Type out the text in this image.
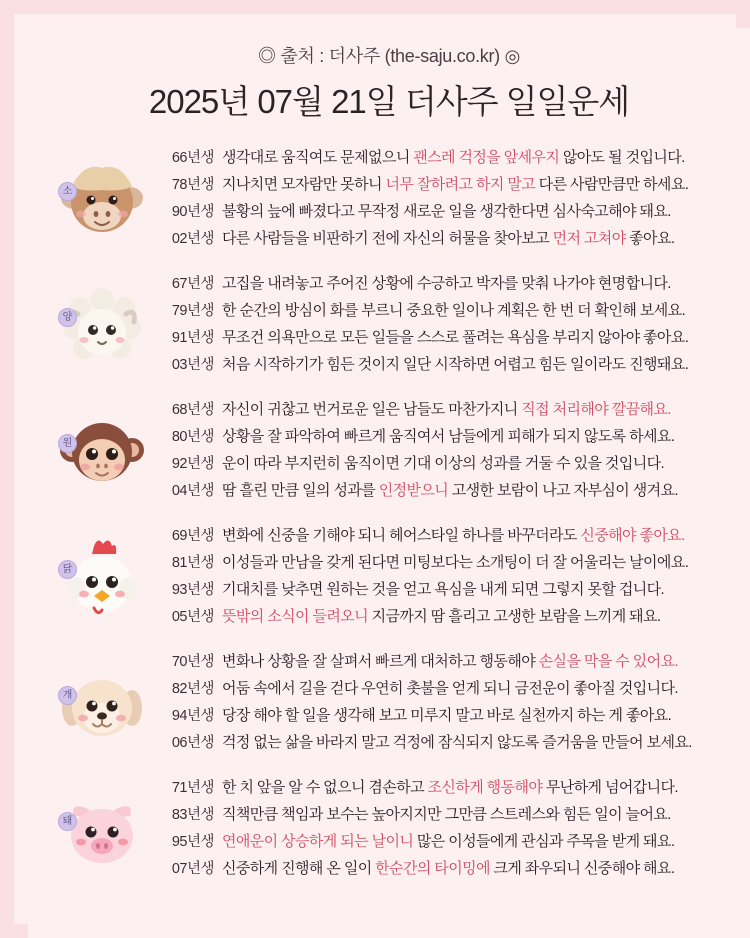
◎ 출처 : 더사주 (the-saju.co.kr) ◎
2025년 07월 21일 더사주 일일운세
소
66년생 생각대로 움직여도 문제없으니 괜스레 걱정을 앞세우지 않아도 될 것입니다.
78년생 지나치면 모자람만 못하니 너무 잘하려고 하지 말고 다른 사람만큼만 하세요.
90년생 불황의 늪에 빠졌다고 무작정 새로운 일을 생각한다면 심사숙고해야 돼요.
02년생 다른 사람들을 비판하기 전에 자신의 허물을 찾아보고 먼저 고쳐야 좋아요.
양
67년생 고집을 내려놓고 주어진 상황에 수긍하고 박자를 맞춰 나가야 현명합니다.
79년생 한 순간의 방심이 화를 부르니 중요한 일이나 계획은 한 번 더 확인해 보세요.
91년생 무조건 의욕만으로 모든 일들을 스스로 풀려는 욕심을 부리지 않아야 좋아요.
03년생 처음 시작하기가 힘든 것이지 일단 시작하면 어렵고 힘든 일이라도 진행돼요.
원
68년생 자신이 귀찮고 번거로운 일은 남들도 마찬가지니 직접 처리해야 깔끔해요.
80년생 상황을 잘 파악하여 빠르게 움직여서 남들에게 피해가 되지 않도록 하세요.
92년생 운이 따라 부지런히 움직이면 기대 이상의 성과를 거둘 수 있을 것입니다.
04년생 땀 흘린 만큼 일의 성과를 인정받으니 고생한 보람이 나고 자부심이 생겨요.
닭
69년생 변화에 신중을 기해야 되니 헤어스타일 하나를 바꾸더라도 신중해야 좋아요.
81년생 이성들과 만남을 갖게 된다면 미팅보다는 소개팅이 더 잘 어울리는 날이에요.
93년생 기대치를 낮추면 원하는 것을 얻고 욕심을 내게 되면 그렇지 못할 겁니다.
05년생 뜻밖의 소식이 들려오니 지금까지 땀 흘리고 고생한 보람을 느끼게 돼요.
개
70년생 변화나 상황을 잘 살펴서 빠르게 대처하고 행동해야 손실을 막을 수 있어요.
82년생 어둠 속에서 길을 걷다 우연히 촛불을 얻게 되니 금전운이 좋아질 것입니다.
94년생 당장 해야 할 일을 생각해 보고 미루지 말고 바로 실천까지 하는 게 좋아요.
06년생 걱정 없는 삶을 바라지 말고 걱정에 잠식되지 않도록 즐거움을 만들어 보세요.
돼
71년생 한 치 앞을 알 수 없으니 겸손하고 조신하게 행동해야 무난하게 넘어갑니다.
83년생 직책만큼 책임과 보수는 높아지지만 그만큼 스트레스와 힘든 일이 늘어요.
95년생 연애운이 상승하게 되는 날이니 많은 이성들에게 관심과 주목을 받게 돼요.
07년생 신중하게 진행해 온 일이 한순간의 타이밍에 크게 좌우되니 신중해야 해요.
